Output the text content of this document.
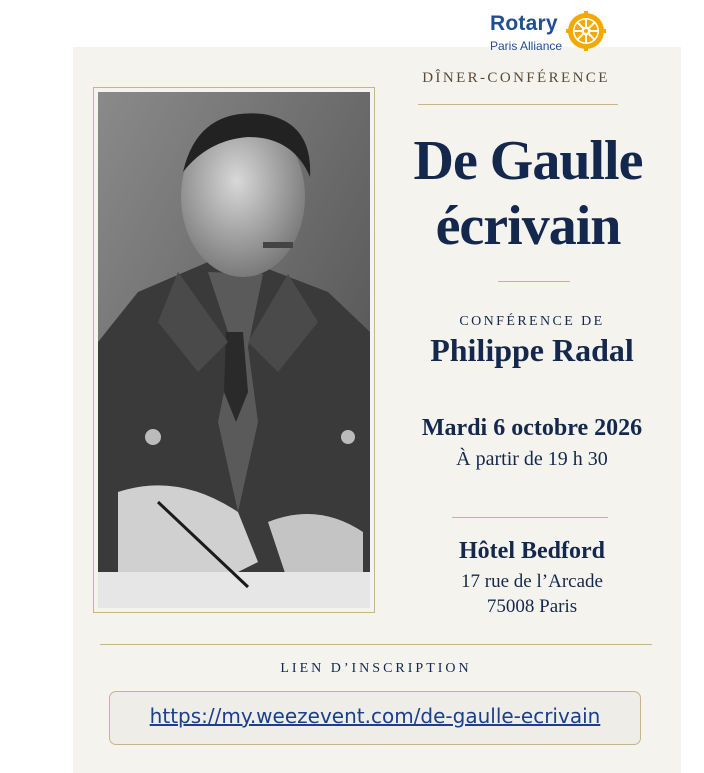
Rotary
Paris Alliance
DÎNER-CONFÉRENCE
De Gaulle
écrivain
CONFÉRENCE DE
Philippe Radal
Mardi 6 octobre 2026
À partir de 19 h 30
Hôtel Bedford
17 rue de l’Arcade
75008 Paris
LIEN D’INSCRIPTION
https://my.weezevent.com/de-gaulle-ecrivain
